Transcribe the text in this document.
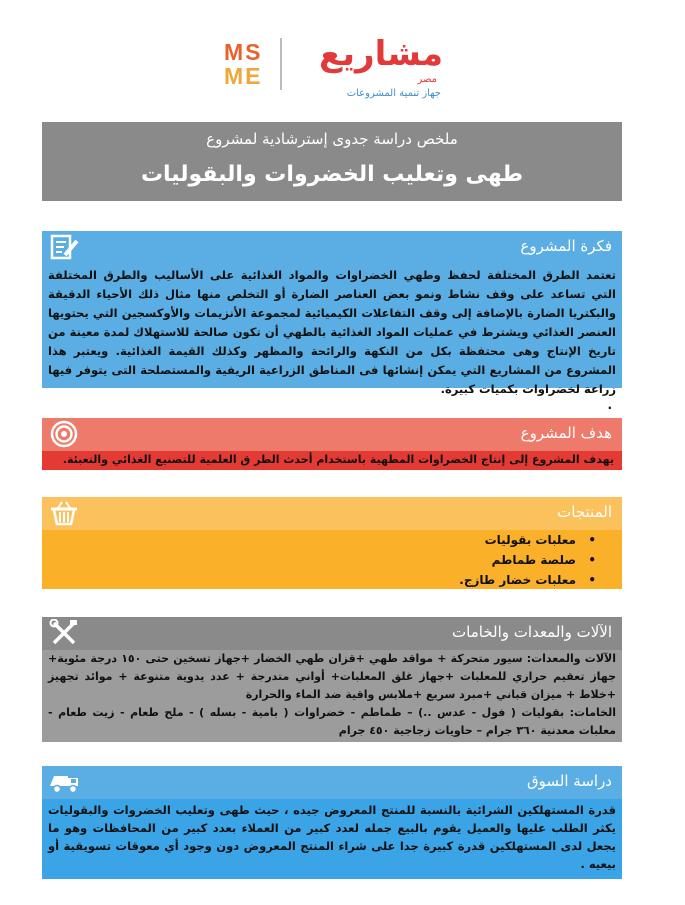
MS
ME
مشاريع
مصر
جهاز تنمية المشروعات
ملخص دراسة جدوى إسترشادية لمشروع
طهى وتعليب الخضروات والبقوليات
فكرة المشروع

تعتمد الطرق المختلفة لحفظ وطهي الخضراوات والمواد الغذائية على الأساليب والطرق المختلفة التي تساعد على وقف نشاط ونمو بعض العناصر الضارة أو التخلص منها مثال ذلك الأحياء الدقيقة والبكتريا الضارة بالإضافة إلى وقف التفاعلات الكيميائية لمجموعة الأنزيمات والأوكسجين التي يحتويها العنصر الغذائي ويشترط في عمليات المواد الغذائية بالطهي أن تكون صالحة للاستهلاك لمدة معينة من تاريخ الإنتاج وهى محتفظة بكل من النكهة والرائحة والمظهر وكذلك القيمة الغذائية. ويعتبر هذا المشروع من المشاريع التي يمكن إنشائها فى المناطق الزراعية الريفية والمستصلحة التى يتوفر فيها زراعة لخضراوات بكميات كبيرة.

.

هدف المشروع

يهدف المشروع إلى إنتاج الخضراوات المطهية باستخدام أحدث الطر ق العلمية للتصنيع الغذائي والتعبئة.

المنتجات
• معلبات بقوليات
• صلصة طماطم
• معلبات خضار طازج.
الآلات والمعدات والخامات

الآلات والمعدات: سيور متحركة + مواقد طهي +قزان طهي الخضار +جهاز تسخين حتى ١٥٠ درجة مئوية+ جهاز تعقيم حراري للمعلبات +جهاز غلق المعلبات+ أواني متدرجة + عدد يدوية متنوعة + موائد تجهيز +خلاط + ميزان قباني +مبرد سريع +ملابس واقية ضد الماء والحرارة

الخامات: بقوليات ( فول - عدس ..) – طماطم - خضراوات ( بامية - بسله ) - ملح طعام - زيت طعام - معلبات معدنية ٣٦٠ جرام – حاويات زجاجية ٤٥٠ جرام

دراسة السوق

قدرة المستهلكين الشرائية بالنسبة للمنتج المعروض جيده ، حيث طهى وتعليب الخضروات والبقوليات يكثر الطلب عليها والعميل يقوم بالبيع جمله لعدد كبير من العملاء بعدد كبير من المحافظات وهو ما يجعل لدى المستهلكين قدرة كبيرة جدا على شراء المنتج المعروض دون وجود أي معوقات تسويقية أو بيعيه .
